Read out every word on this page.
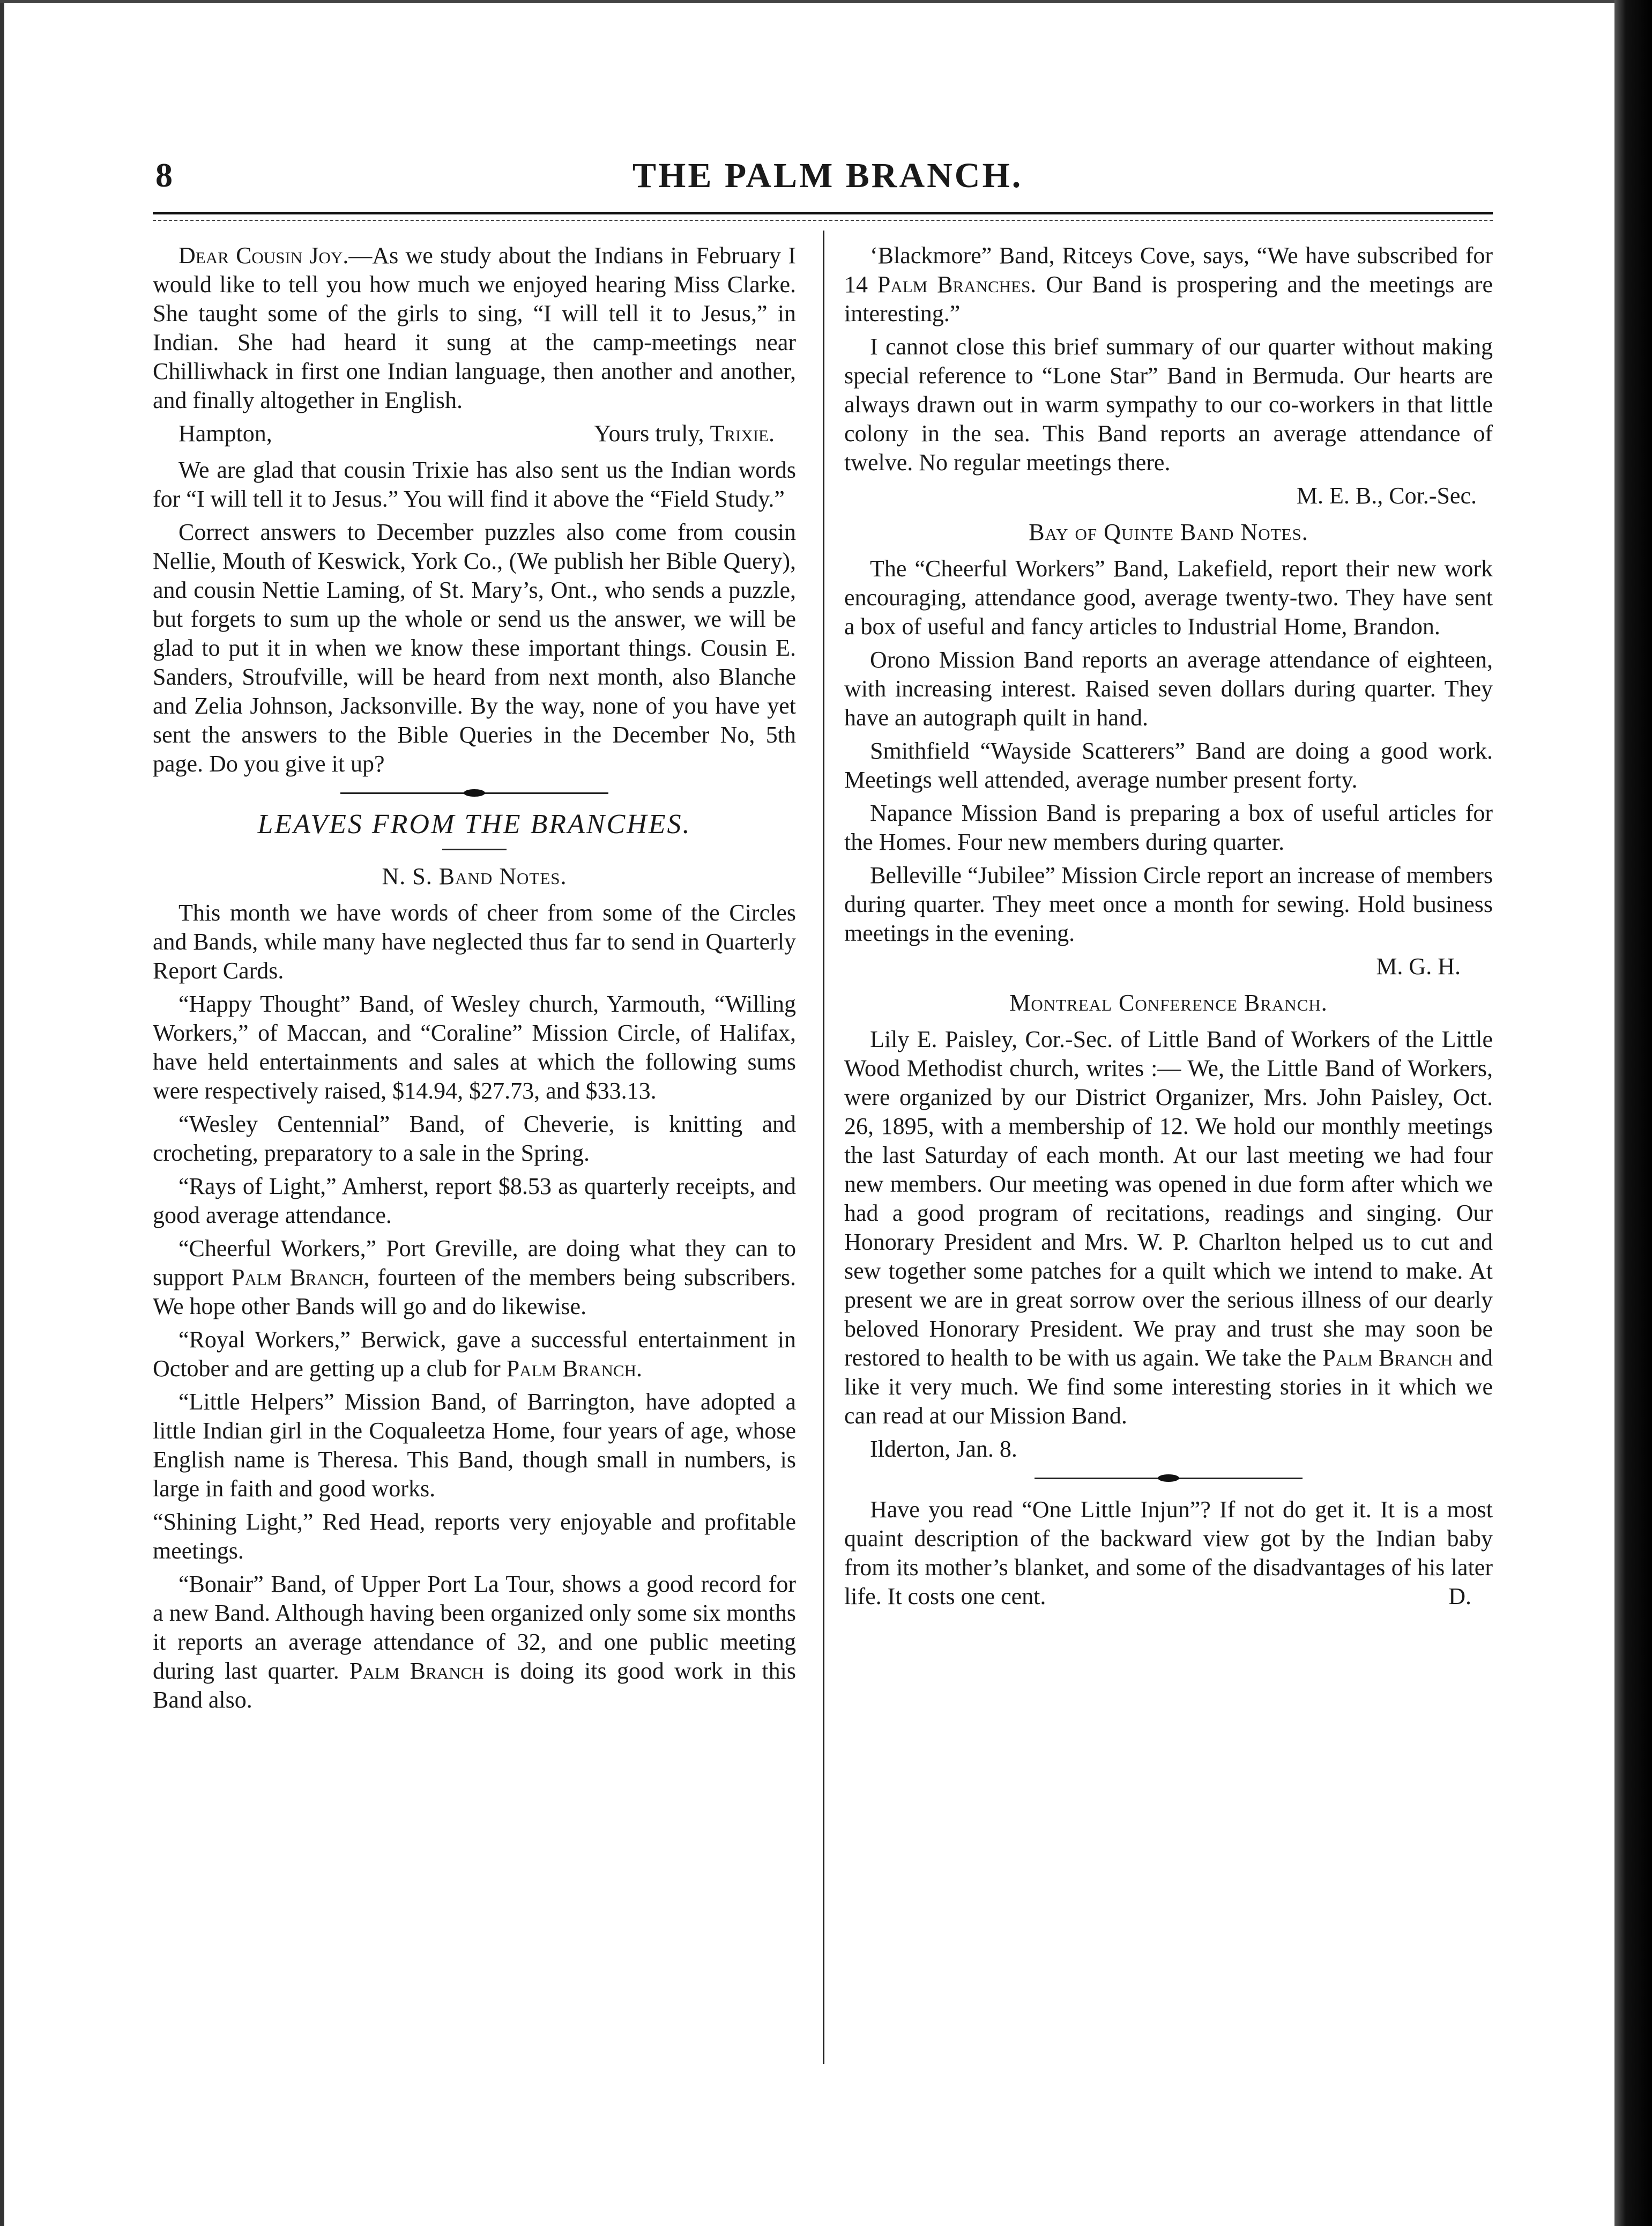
8	THE PALM BRANCH.

Dear Cousin Joy.—As we study about the Indians in February I would like to tell you how much we enjoyed hearing Miss Clarke. She taught some of the girls to sing, “I will tell it to Jesus,” in Indian. She had heard it sung at the camp-meetings near Chilliwhack in first one Indian language, then another and another, and finally altogether in English.

Hampton,	Yours truly, Trixie.

We are glad that cousin Trixie has also sent us the Indian words for “I will tell it to Jesus.” You will find it above the “Field Study.”

Correct answers to December puzzles also come from cousin Nellie, Mouth of Keswick, York Co., (We publish her Bible Query), and cousin Nettie Laming, of St. Mary’s, Ont., who sends a puzzle, but forgets to sum up the whole or send us the answer, we will be glad to put it in when we know these important things. Cousin E. Sanders, Stroufville, will be heard from next month, also Blanche and Zelia Johnson, Jacksonville. By the way, none of you have yet sent the answers to the Bible Queries in the December No, 5th page. Do you give it up?

LEAVES FROM THE BRANCHES.
N. S. Band Notes.

This month we have words of cheer from some of the Circles and Bands, while many have neglected thus far to send in Quarterly Report Cards.

“Happy Thought” Band, of Wesley church, Yarmouth, “Willing Workers,” of Maccan, and “Coraline” Mission Circle, of Halifax, have held entertainments and sales at which the following sums were respectively raised, $14.94, $27.73, and $33.13.

“Wesley Centennial” Band, of Cheverie, is knitting and crocheting, preparatory to a sale in the Spring.

“Rays of Light,” Amherst, report $8.53 as quarterly receipts, and good average attendance.

“Cheerful Workers,” Port Greville, are doing what they can to support Palm Branch, fourteen of the members being subscribers. We hope other Bands will go and do likewise.

“Royal Workers,” Berwick, gave a successful entertainment in October and are getting up a club for Palm Branch.

“Little Helpers” Mission Band, of Barrington, have adopted a little Indian girl in the Coqualeetza Home, four years of age, whose English name is Theresa. This Band, though small in numbers, is large in faith and good works.

“Shining Light,” Red Head, reports very enjoyable and profitable meetings.

“Bonair” Band, of Upper Port La Tour, shows a good record for a new Band. Although having been organized only some six months it reports an average attendance of 32, and one public meeting during last quarter. Palm Branch is doing its good work in this Band also.

‘Blackmore” Band, Ritceys Cove, says, “We have subscribed for 14 Palm Branches. Our Band is prospering and the meetings are interesting.”

I cannot close this brief summary of our quarter without making special reference to “Lone Star” Band in Bermuda. Our hearts are always drawn out in warm sympathy to our co-workers in that little colony in the sea. This Band reports an average attendance of twelve. No regular meetings there.

M. E. B., Cor.-Sec.
Bay of Quinte Band Notes.

The “Cheerful Workers” Band, Lakefield, report their new work encouraging, attendance good, average twenty-two. They have sent a box of useful and fancy articles to Industrial Home, Brandon.

Orono Mission Band reports an average attendance of eighteen, with increasing interest. Raised seven dollars during quarter. They have an autograph quilt in hand.

Smithfield “Wayside Scatterers” Band are doing a good work. Meetings well attended, average number present forty.

Napance Mission Band is preparing a box of useful articles for the Homes. Four new members during quarter.

Belleville “Jubilee” Mission Circle report an increase of members during quarter. They meet once a month for sewing. Hold business meetings in the evening.

M. G. H.
Montreal Conference Branch.

Lily E. Paisley, Cor.-Sec. of Little Band of Workers of the Little Wood Methodist church, writes :— We, the Little Band of Workers, were organized by our District Organizer, Mrs. John Paisley, Oct. 26, 1895, with a membership of 12. We hold our monthly meetings the last Saturday of each month. At our last meeting we had four new members. Our meeting was opened in due form after which we had a good program of recitations, readings and singing. Our Honorary President and Mrs. W. P. Charlton helped us to cut and sew together some patches for a quilt which we intend to make. At present we are in great sorrow over the serious illness of our dearly beloved Honorary President. We pray and trust she may soon be restored to health to be with us again. We take the Palm Branch and like it very much. We find some interesting stories in it which we can read at our Mission Band.

Ilderton, Jan. 8.

Have you read “One Little Injun”? If not do get it. It is a most quaint description of the backward view got by the Indian baby from its mother’s blanket, and some of the disadvantages of his later life. It costs one cent.	D.
